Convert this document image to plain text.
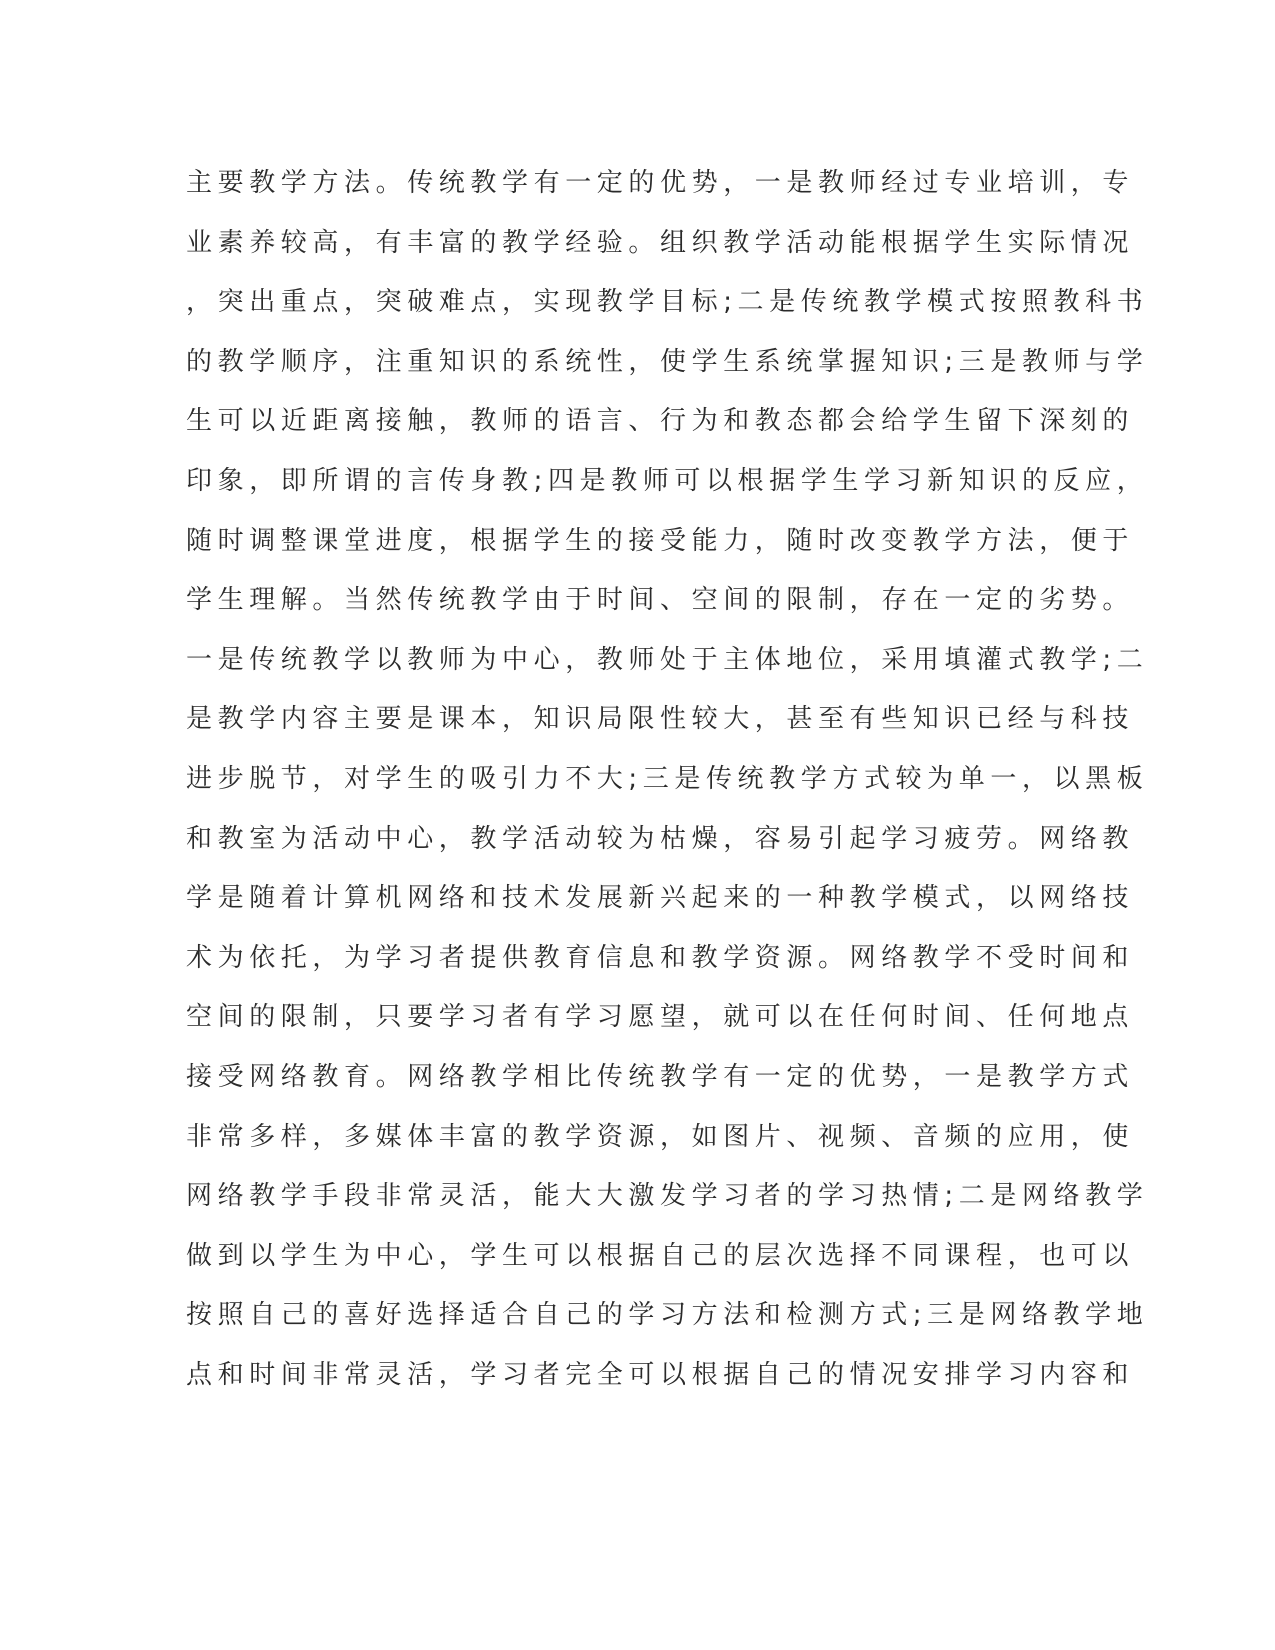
主要教学方法。传统教学有一定的优势，一是教师经过专业培训，专
业素养较高，有丰富的教学经验。组织教学活动能根据学生实际情况
，突出重点，突破难点，实现教学目标;二是传统教学模式按照教科书
的教学顺序，注重知识的系统性，使学生系统掌握知识;三是教师与学
生可以近距离接触，教师的语言、行为和教态都会给学生留下深刻的
印象，即所谓的言传身教;四是教师可以根据学生学习新知识的反应，
随时调整课堂进度，根据学生的接受能力，随时改变教学方法，便于
学生理解。当然传统教学由于时间、空间的限制，存在一定的劣势。
一是传统教学以教师为中心，教师处于主体地位，采用填灌式教学;二
是教学内容主要是课本，知识局限性较大，甚至有些知识已经与科技
进步脱节，对学生的吸引力不大;三是传统教学方式较为单一，以黑板
和教室为活动中心，教学活动较为枯燥，容易引起学习疲劳。网络教
学是随着计算机网络和技术发展新兴起来的一种教学模式，以网络技
术为依托，为学习者提供教育信息和教学资源。网络教学不受时间和
空间的限制，只要学习者有学习愿望，就可以在任何时间、任何地点
接受网络教育。网络教学相比传统教学有一定的优势，一是教学方式
非常多样，多媒体丰富的教学资源，如图片、视频、音频的应用，使
网络教学手段非常灵活，能大大激发学习者的学习热情;二是网络教学
做到以学生为中心，学生可以根据自己的层次选择不同课程，也可以
按照自己的喜好选择适合自己的学习方法和检测方式;三是网络教学地
点和时间非常灵活，学习者完全可以根据自己的情况安排学习内容和
